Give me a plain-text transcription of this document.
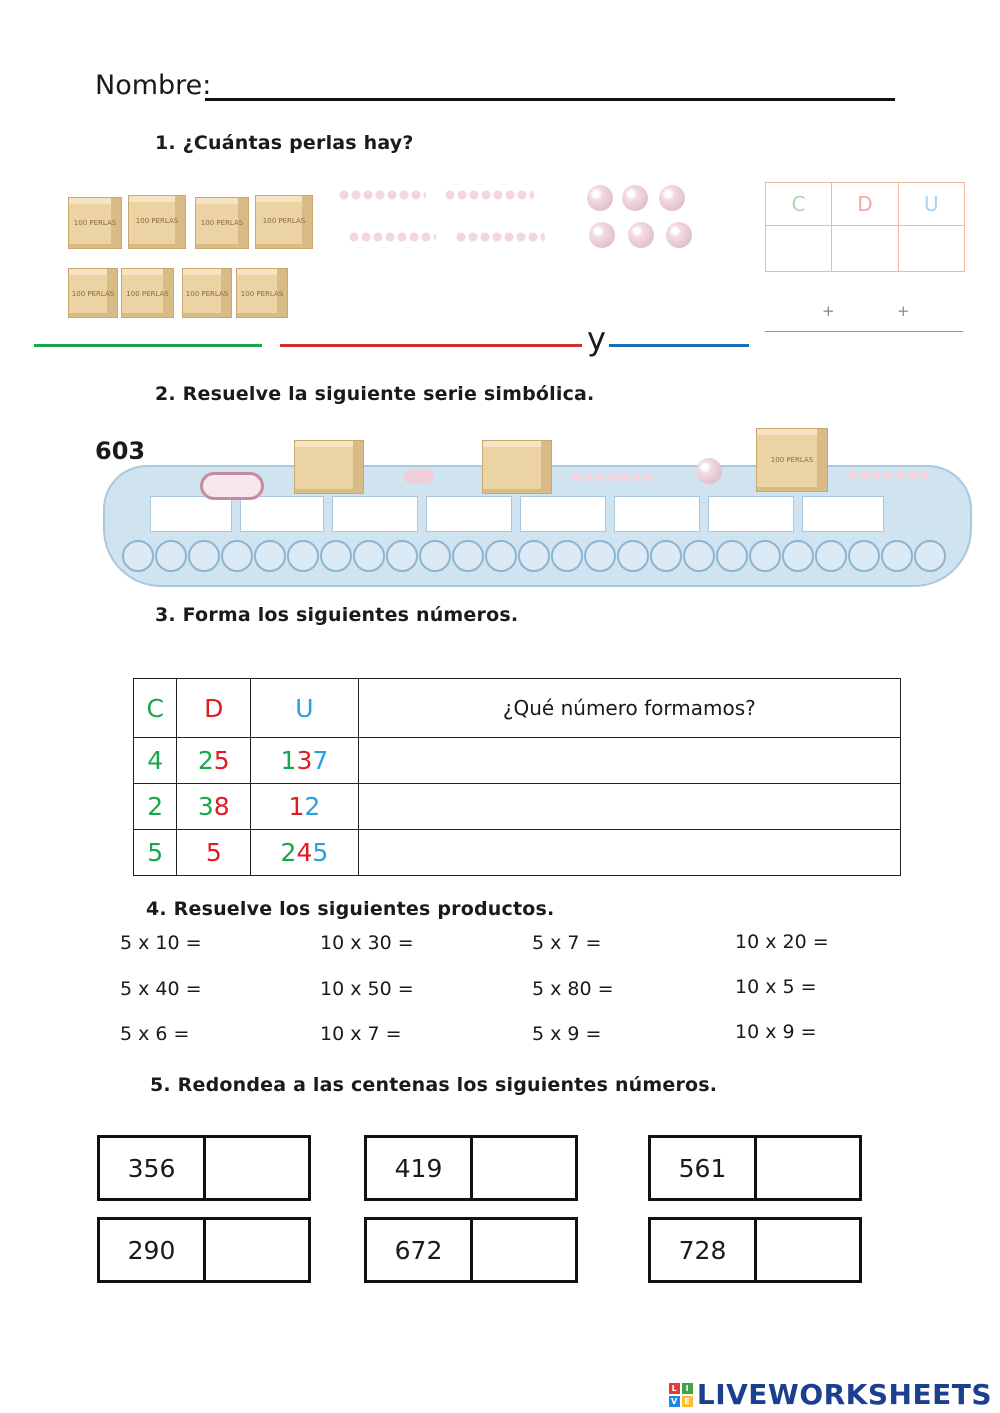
Nombre:
1. ¿Cuántas perlas hay?
100 PERLAS	100 PERLAS	100 PERLAS	100 PERLAS
100 PERLAS	100 PERLAS	100 PERLAS	100 PERLAS
C	D	U

+	+
y
2. Resuelve la siguiente serie simbólica.
603	100 PERLAS
3. Forma los siguientes números.
C	D	U	¿Qué número formamos?
4	25	137	
2	38	12	
5	5	245	
4. Resuelve los siguientes productos.
5 x 10 =	10 x 30 =	5 x 7 =	10 x 20 =
5 x 40 =	10 x 50 =	5 x 80 =	10 x 5 =
5 x 6 =	10 x 7 =	5 x 9 =	10 x 9 =
5. Redondea a las centenas los siguientes números.
356	419	561
290	672	728
L	I
V E LIVEWORKSHEETS
